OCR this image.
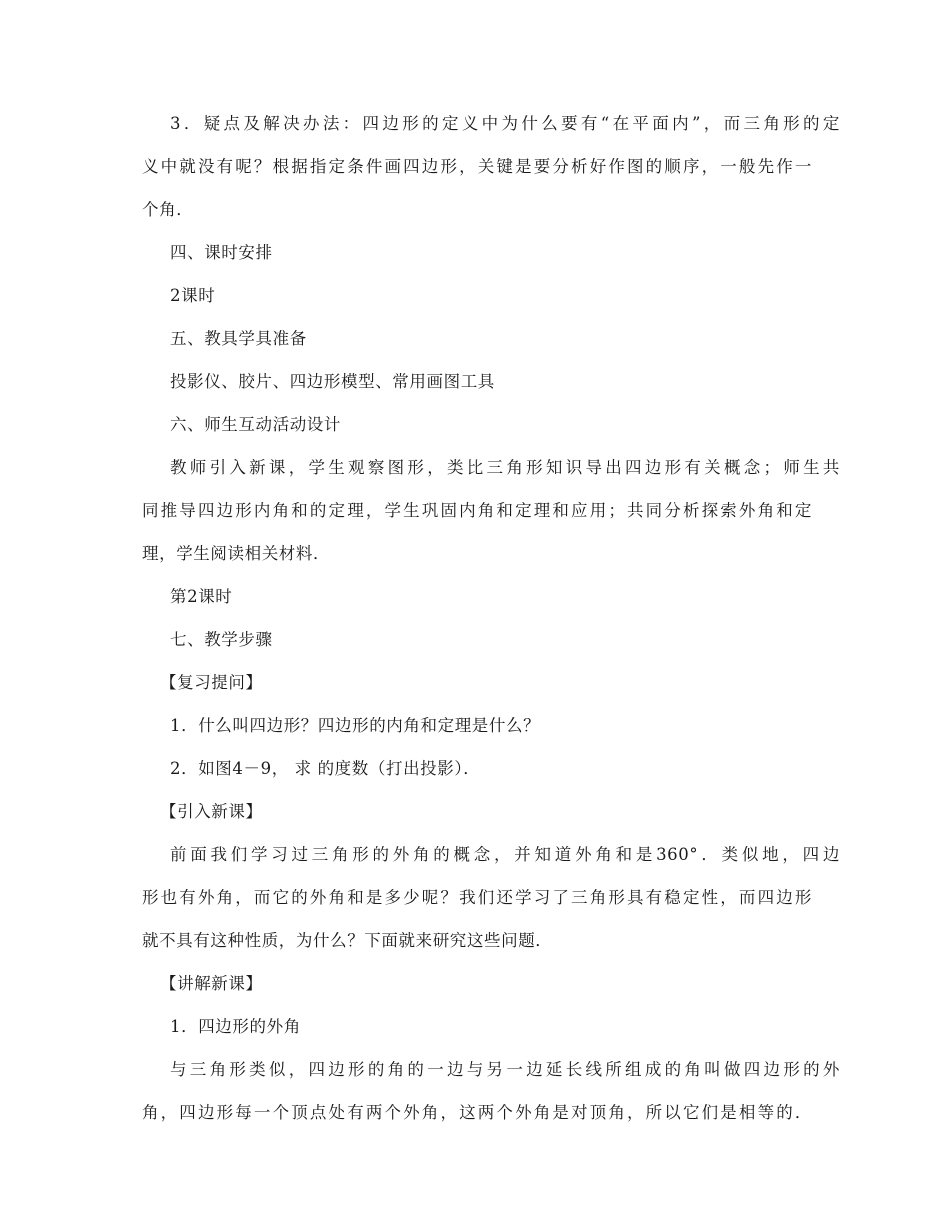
3．疑点及解决办法：四边形的定义中为什么要有“在平面内”，而三角形的定
义中就没有呢？根据指定条件画四边形，关键是要分析好作图的顺序，一般先作一
个角．
四、课时安排
2课时
五、教具学具准备
投影仪、胶片、四边形模型、常用画图工具
六、师生互动活动设计
教师引入新课，学生观察图形，类比三角形知识导出四边形有关概念；师生共
同推导四边形内角和的定理，学生巩固内角和定理和应用；共同分析探索外角和定
理，学生阅读相关材料．
第2课时
七、教学步骤
【复习提问】
1．什么叫四边形？四边形的内角和定理是什么？
2．如图4－9， 求 的度数（打出投影）．
【引入新课】
前面我们学习过三角形的外角的概念，并知道外角和是360°．类似地，四边
形也有外角，而它的外角和是多少呢？我们还学习了三角形具有稳定性，而四边形
就不具有这种性质，为什么？下面就来研究这些问题．
【讲解新课】
1．四边形的外角
与三角形类似，四边形的角的一边与另一边延长线所组成的角叫做四边形的外
角，四边形每一个顶点处有两个外角，这两个外角是对顶角，所以它们是相等的．
